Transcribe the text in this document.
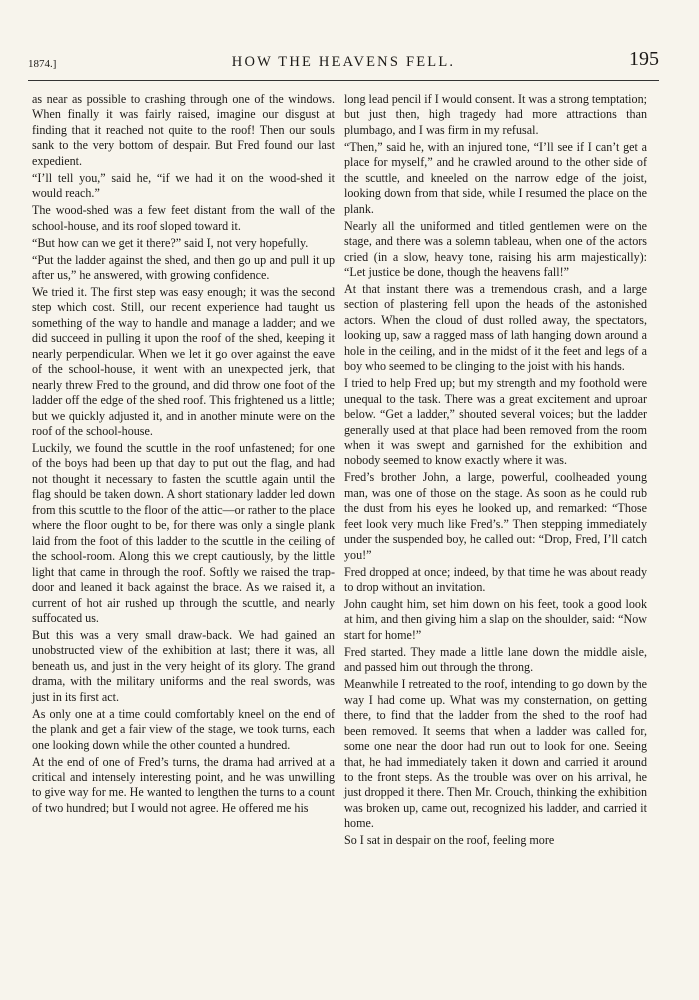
1874.]	HOW THE HEAVENS FELL.	195

as near as possible to crashing through one of the windows. When finally it was fairly raised, imagine our disgust at finding that it reached not quite to the roof! Then our souls sank to the very bottom of despair. But Fred found our last expedient.

“I’ll tell you,” said he, “if we had it on the wood-shed it would reach.”

The wood-shed was a few feet distant from the wall of the school-house, and its roof sloped toward it.

“But how can we get it there?” said I, not very hopefully.

“Put the ladder against the shed, and then go up and pull it up after us,” he answered, with growing confidence.

We tried it. The first step was easy enough; it was the second step which cost. Still, our recent experience had taught us something of the way to handle and manage a ladder; and we did succeed in pulling it upon the roof of the shed, keeping it nearly perpendicular. When we let it go over against the eave of the school-house, it went with an unexpected jerk, that nearly threw Fred to the ground, and did throw one foot of the ladder off the edge of the shed roof. This frightened us a little; but we quickly adjusted it, and in another minute were on the roof of the school-house.

Luckily, we found the scuttle in the roof unfastened; for one of the boys had been up that day to put out the flag, and had not thought it necessary to fasten the scuttle again until the flag should be taken down. A short stationary ladder led down from this scuttle to the floor of the attic—or rather to the place where the floor ought to be, for there was only a single plank laid from the foot of this ladder to the scuttle in the ceiling of the school-room. Along this we crept cautiously, by the little light that came in through the roof. Softly we raised the trap-door and leaned it back against the brace. As we raised it, a current of hot air rushed up through the scuttle, and nearly suffocated us.

But this was a very small draw-back. We had gained an unobstructed view of the exhibition at last; there it was, all beneath us, and just in the very height of its glory. The grand drama, with the military uniforms and the real swords, was just in its first act.

As only one at a time could comfortably kneel on the end of the plank and get a fair view of the stage, we took turns, each one looking down while the other counted a hundred.

At the end of one of Fred’s turns, the drama had arrived at a critical and intensely interesting point, and he was unwilling to give way for me. He wanted to lengthen the turns to a count of two hundred; but I would not agree. He offered me his

long lead pencil if I would consent. It was a strong temptation; but just then, high tragedy had more attractions than plumbago, and I was firm in my refusal.

“Then,” said he, with an injured tone, “I’ll see if I can’t get a place for myself,” and he crawled around to the other side of the scuttle, and kneeled on the narrow edge of the joist, looking down from that side, while I resumed the place on the plank.

Nearly all the uniformed and titled gentlemen were on the stage, and there was a solemn tableau, when one of the actors cried (in a slow, heavy tone, raising his arm majestically): “Let justice be done, though the heavens fall!”

At that instant there was a tremendous crash, and a large section of plastering fell upon the heads of the astonished actors. When the cloud of dust rolled away, the spectators, looking up, saw a ragged mass of lath hanging down around a hole in the ceiling, and in the midst of it the feet and legs of a boy who seemed to be clinging to the joist with his hands.

I tried to help Fred up; but my strength and my foothold were unequal to the task. There was a great excitement and uproar below. “Get a ladder,” shouted several voices; but the ladder generally used at that place had been removed from the room when it was swept and garnished for the exhibition and nobody seemed to know exactly where it was.

Fred’s brother John, a large, powerful, coolheaded young man, was one of those on the stage. As soon as he could rub the dust from his eyes he looked up, and remarked: “Those feet look very much like Fred’s.” Then stepping immediately under the suspended boy, he called out: “Drop, Fred, I’ll catch you!”

Fred dropped at once; indeed, by that time he was about ready to drop without an invitation.

John caught him, set him down on his feet, took a good look at him, and then giving him a slap on the shoulder, said: “Now start for home!”

Fred started. They made a little lane down the middle aisle, and passed him out through the throng.

Meanwhile I retreated to the roof, intending to go down by the way I had come up. What was my consternation, on getting there, to find that the ladder from the shed to the roof had been removed. It seems that when a ladder was called for, some one near the door had run out to look for one. Seeing that, he had immediately taken it down and carried it around to the front steps. As the trouble was over on his arrival, he just dropped it there. Then Mr. Crouch, thinking the exhibition was broken up, came out, recognized his ladder, and carried it home.

So I sat in despair on the roof, feeling more
